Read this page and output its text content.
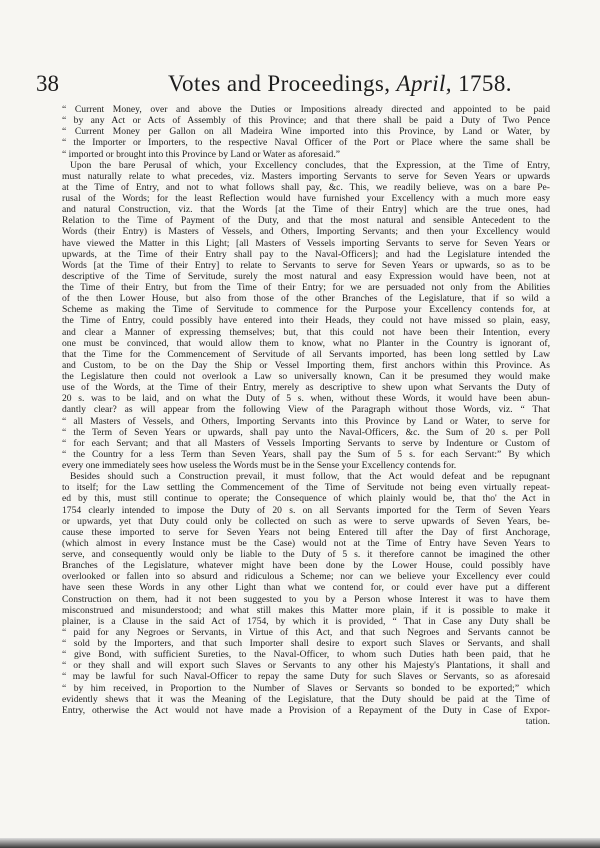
38	Votes and Proceedings, April, 1758.
“ Current Money, over and above the Duties or Impositions already directed and appointed to be paid
“ by any Act or Acts of Assembly of this Province; and that there shall be paid a Duty of Two Pence
“ Current Money per Gallon on all Madeira Wine imported into this Province, by Land or Water, by
“ the Importer or Importers, to the respective Naval Officer of the Port or Place where the same shall be
“ imported or brought into this Province by Land or Water as aforesaid.”
Upon the bare Perusal of which, your Excellency concludes, that the Expression, at the Time of Entry,
must naturally relate to what precedes, viz. Masters importing Servants to serve for Seven Years or upwards
at the Time of Entry, and not to what follows shall pay, &c. This, we readily believe, was on a bare Pe-
rusal of the Words; for the least Reflection would have furnished your Excellency with a much more easy
and natural Construction, viz. that the Words [at the Time of their Entry] which are the true ones, had
Relation to the Time of Payment of the Duty, and that the most natural and sensible Antecedent to the
Words (their Entry) is Masters of Vessels, and Others, Importing Servants; and then your Excellency would
have viewed the Matter in this Light; [all Masters of Vessels importing Servants to serve for Seven Years or
upwards, at the Time of their Entry shall pay to the Naval-Officers]; and had the Legislature intended the
Words [at the Time of their Entry] to relate to Servants to serve for Seven Years or upwards, so as to be
descriptive of the Time of Servitude, surely the most natural and easy Expression would have been, not at
the Time of their Entry, but from the Time of their Entry; for we are persuaded not only from the Abilities
of the then Lower House, but also from those of the other Branches of the Legislature, that if so wild a
Scheme as making the Time of Servitude to commence for the Purpose your Excellency contends for, at
the Time of Entry, could possibly have entered into their Heads, they could not have missed so plain, easy,
and clear a Manner of expressing themselves; but, that this could not have been their Intention, every
one must be convinced, that would allow them to know, what no Planter in the Country is ignorant of,
that the Time for the Commencement of Servitude of all Servants imported, has been long settled by Law
and Custom, to be on the Day the Ship or Vessel Importing them, first anchors within this Province. As
the Legislature then could not overlook a Law so universally known, Can it be presumed they would make
use of the Words, at the Time of their Entry, merely as descriptive to shew upon what Servants the Duty of
20 s. was to be laid, and on what the Duty of 5 s. when, without these Words, it would have been abun-
dantly clear? as will appear from the following View of the Paragraph without those Words, viz. “ That
“ all Masters of Vessels, and Others, Importing Servants into this Province by Land or Water, to serve for
“ the Term of Seven Years or upwards, shall pay unto the Naval-Officers, &c. the Sum of 20 s. per Poll
“ for each Servant; and that all Masters of Vessels Importing Servants to serve by Indenture or Custom of
“ the Country for a less Term than Seven Years, shall pay the Sum of 5 s. for each Servant:” By which
every one immediately sees how useless the Words must be in the Sense your Excellency contends for.
Besides should such a Construction prevail, it must follow, that the Act would defeat and be repugnant
to itself; for the Law settling the Commencement of the Time of Servitude not being even virtually repeat-
ed by this, must still continue to operate; the Consequence of which plainly would be, that tho' the Act in
1754 clearly intended to impose the Duty of 20 s. on all Servants imported for the Term of Seven Years
or upwards, yet that Duty could only be collected on such as were to serve upwards of Seven Years, be-
cause these imported to serve for Seven Years not being Entered till after the Day of first Anchorage,
(which almost in every Instance must be the Case) would not at the Time of Entry have Seven Years to
serve, and consequently would only be liable to the Duty of 5 s. it therefore cannot be imagined the other
Branches of the Legislature, whatever might have been done by the Lower House, could possibly have
overlooked or fallen into so absurd and ridiculous a Scheme; nor can we believe your Excellency ever could
have seen these Words in any other Light than what we contend for, or could ever have put a different
Construction on them, had it not been suggested to you by a Person whose Interest it was to have them
misconstrued and misunderstood; and what still makes this Matter more plain, if it is possible to make it
plainer, is a Clause in the said Act of 1754, by which it is provided, “ That in Case any Duty shall be
“ paid for any Negroes or Servants, in Virtue of this Act, and that such Negroes and Servants cannot be
“ sold by the Importers, and that such Importer shall desire to export such Slaves or Servants, and shall
“ give Bond, with sufficient Sureties, to the Naval-Officer, to whom such Duties hath been paid, that he
“ or they shall and will export such Slaves or Servants to any other his Majesty's Plantations, it shall and
“ may be lawful for such Naval-Officer to repay the same Duty for such Slaves or Servants, so as aforesaid
“ by him received, in Proportion to the Number of Slaves or Servants so bonded to be exported;” which
evidently shews that it was the Meaning of the Legislature, that the Duty should be paid at the Time of
Entry, otherwise the Act would not have made a Provision of a Repayment of the Duty in Case of Expor-
tation.
